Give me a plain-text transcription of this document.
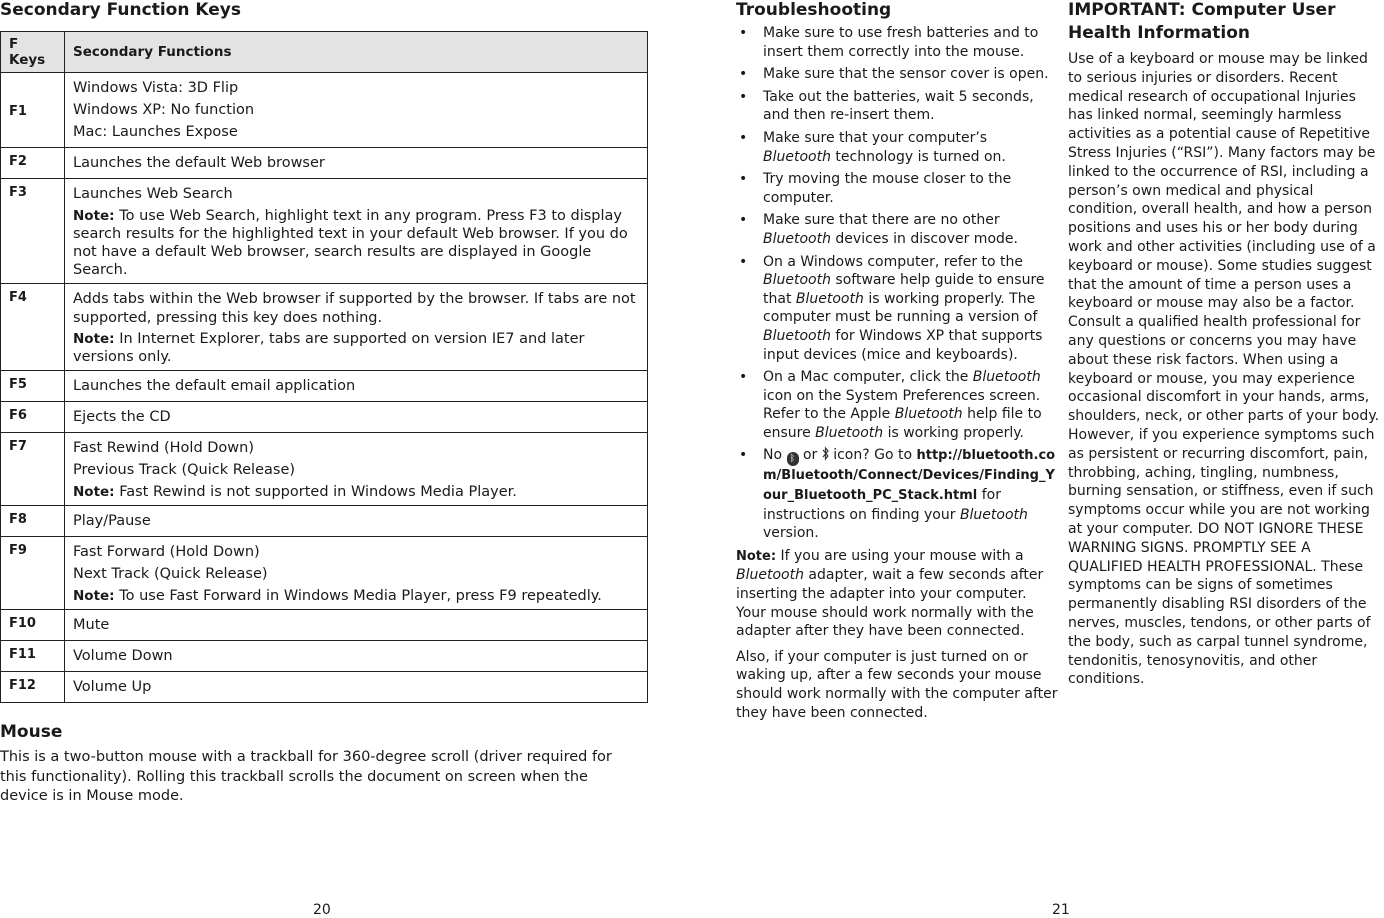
Secondary Function Keys
F Keys	Secondary Functions
F1	Windows Vista: 3D Flip
Windows XP: No function
Mac: Launches Expose

F2	Launches the default Web browser

F3	Launches Web Search
Note: To use Web Search, highlight text in any program. Press F3 to display search results for the highlighted text in your default Web browser. If you do not have a default Web browser, search results are displayed in Google Search.

F4	Adds tabs within the Web browser if supported by the browser. If tabs are not supported, pressing this key does nothing.
Note: In Internet Explorer, tabs are supported on version IE7 and later versions only.

F5	Launches the default email application

F6	Ejects the CD

F7	Fast Rewind (Hold Down)
Previous Track (Quick Release)
Note: Fast Rewind is not supported in Windows Media Player.

F8	Play/Pause

F9	Fast Forward (Hold Down)
Next Track (Quick Release)
Note: To use Fast Forward in Windows Media Player, press F9 repeatedly.

F10	Mute

F11	Volume Down

F12	Volume Up
Mouse

This is a two-button mouse with a trackball for 360-degree scroll (driver required for this functionality). Rolling this trackball scrolls the document on screen when the device is in Mouse mode.

20
Troubleshooting
• Make sure to use fresh batteries and to insert them correctly into the mouse.
• Make sure that the sensor cover is open.
• Take out the batteries, wait 5 seconds, and then re-insert them.
• Make sure that your computer’s Bluetooth technology is turned on.
• Try moving the mouse closer to the computer.
• Make sure that there are no other Bluetooth devices in discover mode.
• On a Windows computer, refer to the Bluetooth software help guide to ensure that Bluetooth is working properly. The computer must be running a version of Bluetooth for Windows XP that supports input devices (mice and keyboards).
• On a Mac computer, click the Bluetooth icon on the System Preferences screen. Refer to the Apple Bluetooth help file to ensure Bluetooth is working properly.
• No ᛒ or icon? Go to http://bluetooth.com/Bluetooth/Connect/Devices/Finding_Your_Bluetooth_PC_Stack.html for instructions on finding your Bluetooth version.

Note: If you are using your mouse with a Bluetooth adapter, wait a few seconds after inserting the adapter into your computer. Your mouse should work normally with the adapter after they have been connected.

Also, if your computer is just turned on or waking up, after a few seconds your mouse should work normally with the computer after they have been connected.

21
IMPORTANT: Computer User Health Information

Use of a keyboard or mouse may be linked to serious injuries or disorders. Recent medical research of occupational Injuries has linked normal, seemingly harmless activities as a potential cause of Repetitive Stress Injuries (“RSI”). Many factors may be linked to the occurrence of RSI, including a person’s own medical and physical condition, overall health, and how a person positions and uses his or her body during work and other activities (including use of a keyboard or mouse). Some studies suggest that the amount of time a person uses a keyboard or mouse may also be a factor. Consult a qualified health professional for any questions or concerns you may have about these risk factors. When using a keyboard or mouse, you may experience occasional discomfort in your hands, arms, shoulders, neck, or other parts of your body. However, if you experience symptoms such as persistent or recurring discomfort, pain, throbbing, aching, tingling, numbness, burning sensation, or stiffness, even if such symptoms occur while you are not working at your computer. DO NOT IGNORE THESE WARNING SIGNS. PROMPTLY SEE A QUALIFIED HEALTH PROFESSIONAL. These symptoms can be signs of sometimes permanently disabling RSI disorders of the nerves, muscles, tendons, or other parts of the body, such as carpal tunnel syndrome, tendonitis, tenosynovitis, and other conditions.
